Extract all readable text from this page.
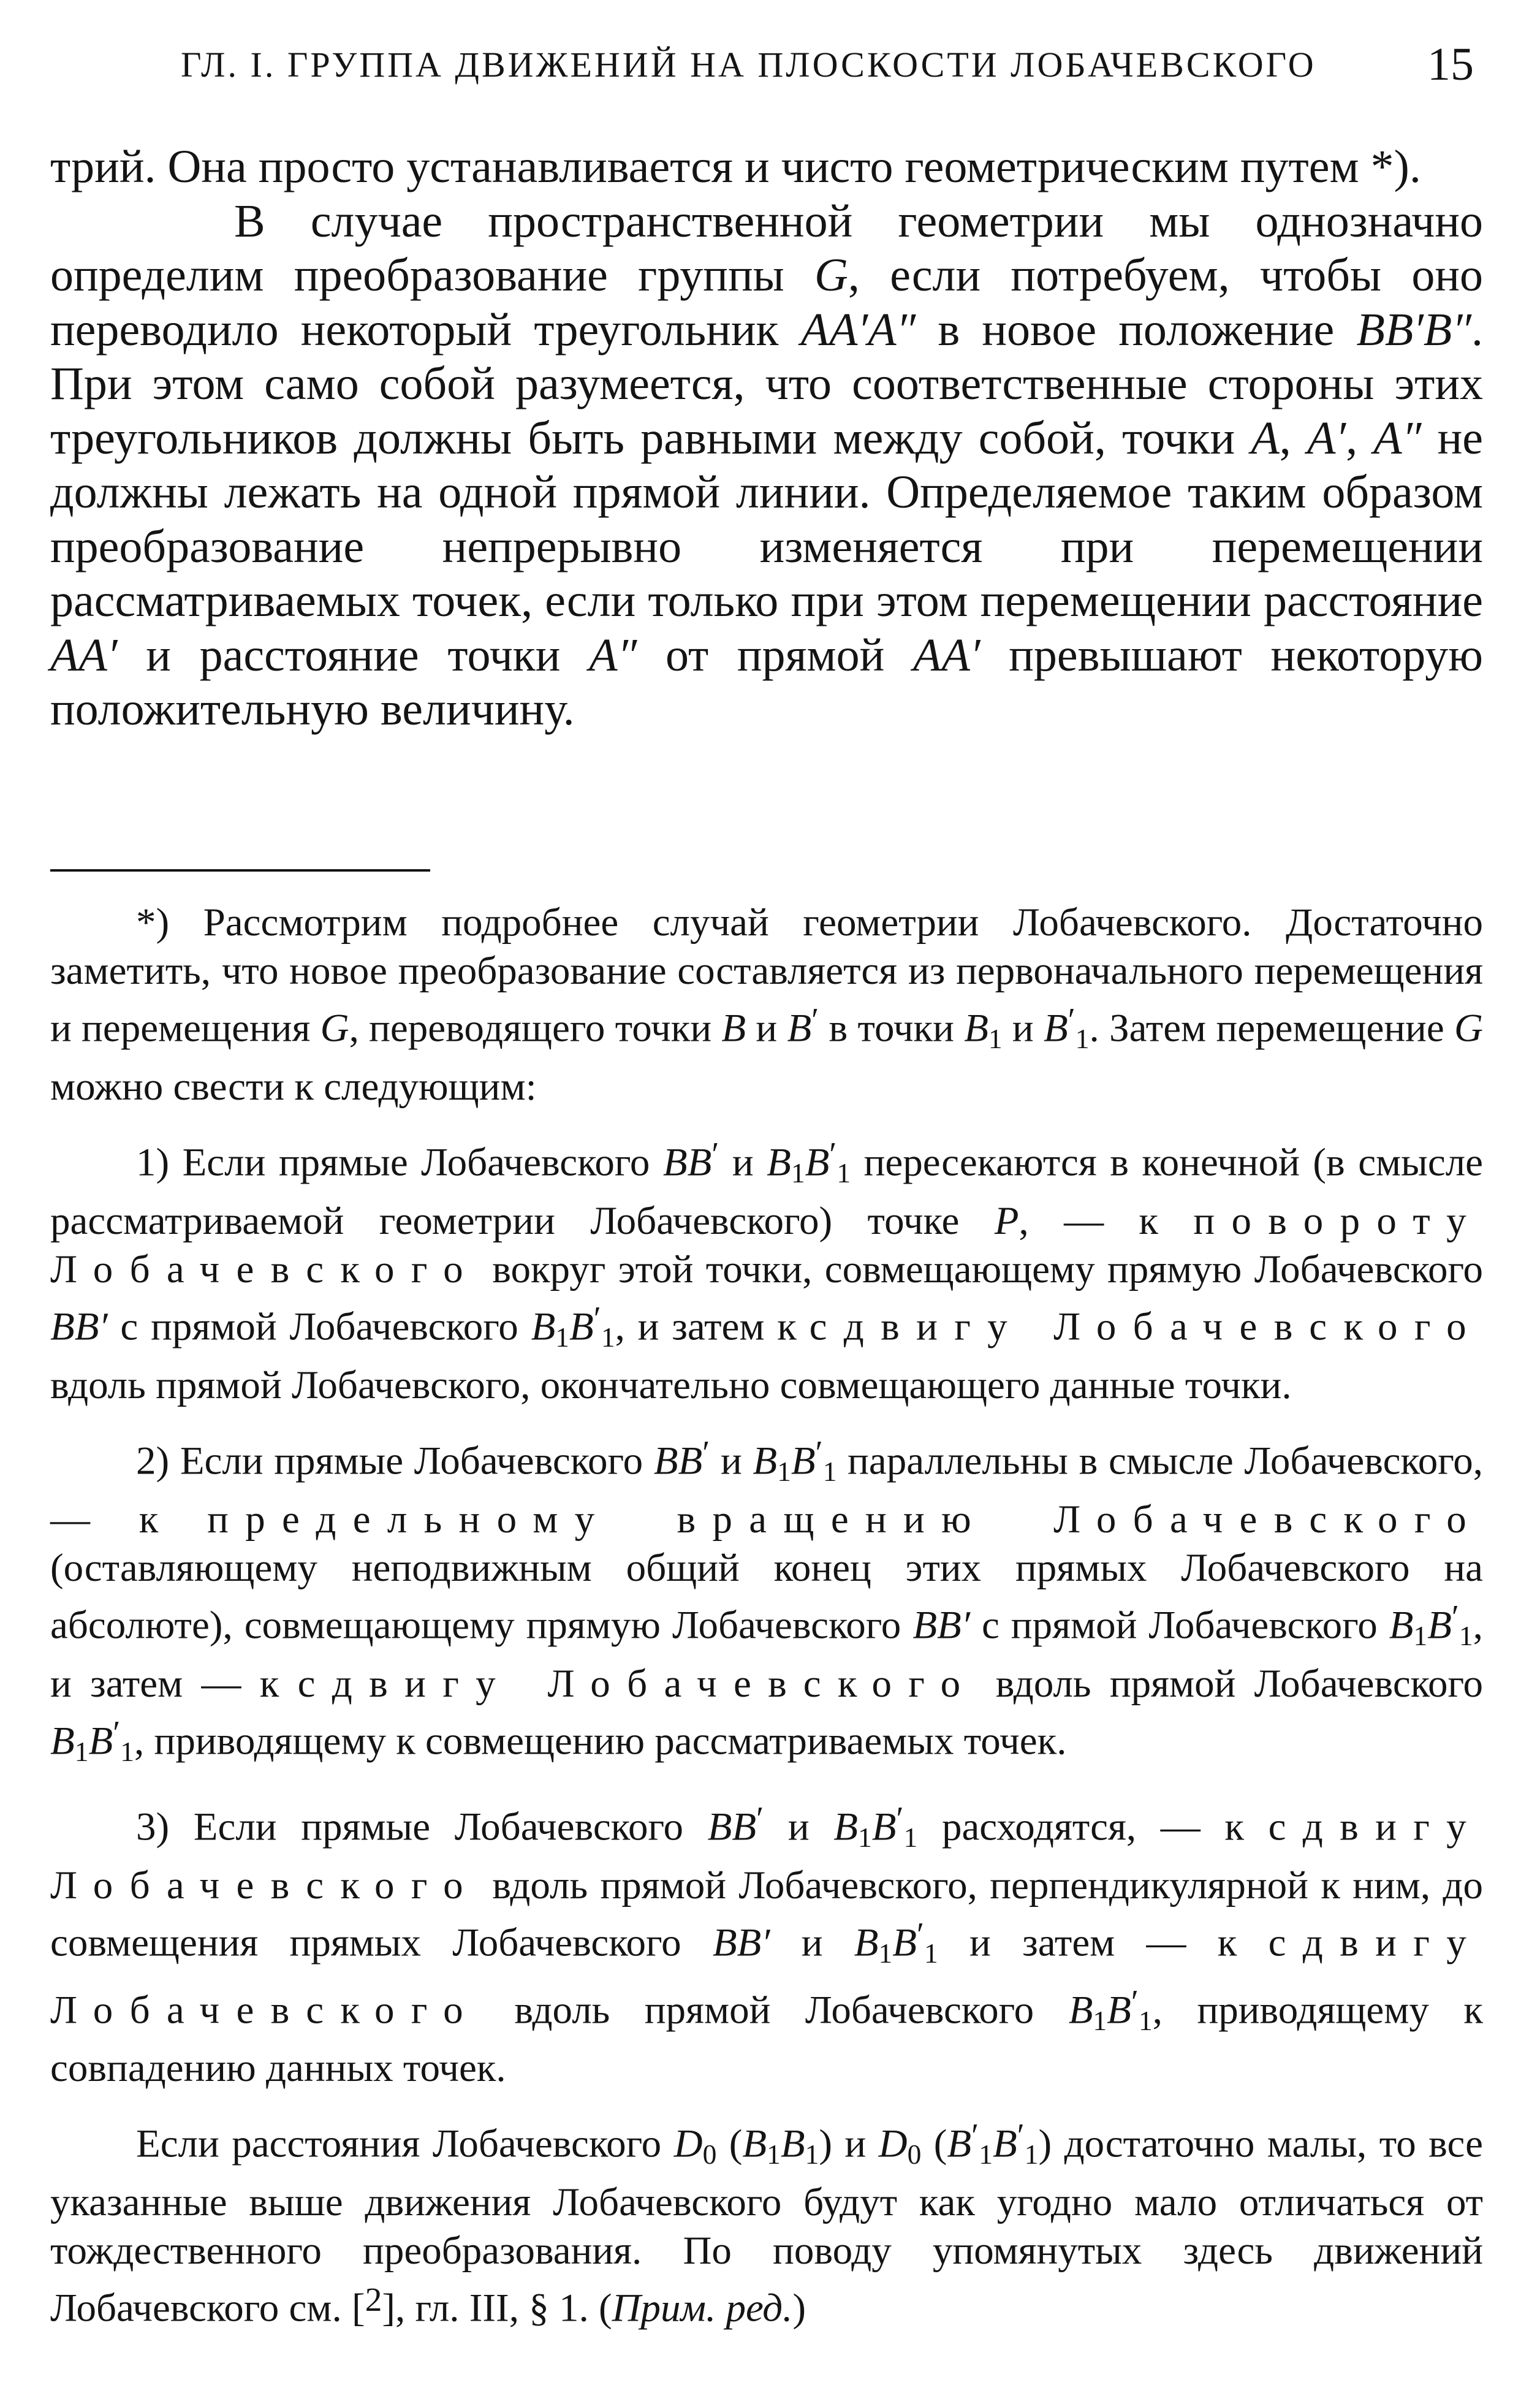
ГЛ. I. ГРУППА ДВИЖЕНИЙ НА ПЛОСКОСТИ ЛОБАЧЕВСКОГО 15

трий. Она просто устанавливается и чисто геометрическим путем *).

В случае пространственной геометрии мы однозначно определим преобразование группы G, если потребуем, чтобы оно переводило некоторый треугольник AA′A″ в новое положение BB′B″. При этом само собой разумеется, что соответственные стороны этих треугольников должны быть равными между собой, точки A, A′, A″ не должны лежать на одной прямой линии. Определяемое таким образом преобразование непрерывно изменяется при перемещении рассматриваемых точек, если только при этом перемещении расстояние AA′ и расстояние точки A″ от прямой AA′ превышают некоторую положительную величину.

*) Рассмотрим подробнее случай геометрии Лобачевского. Достаточно заметить, что новое преобразование составляется из первоначального перемещения и перемещения G, переводящего точки B и B′ в точки $B_1$ и $B'_1$. Затем перемещение G можно свести к следующим:

1) Если прямые Лобачевского BB′ и $B_1B'_1$ пересекаются в конечной (в смысле рассматриваемой геометрии Лобачевского) точке P, — к повороту Лобачевского вокруг этой точки, совмещающему прямую Лобачевского BB′ с прямой Лобачевского $B_1B'_1$, и затем к сдвигу Лобачевского вдоль прямой Лобачевского, окончательно совмещающего данные точки.

2) Если прямые Лобачевского BB′ и $B_1B'_1$ параллельны в смысле Лобачевского, — к предельному вращению Лобачевского (оставляющему неподвижным общий конец этих прямых Лобачевского на абсолюте), совмещающему прямую Лобачевского BB′ с прямой Лобачевского $B_1B'_1$, и затем — к сдвигу Лобачевского вдоль прямой Лобачевского $B_1B'_1$, приводящему к совмещению рассматриваемых точек.

3) Если прямые Лобачевского BB′ и $B_1B'_1$ расходятся, — к сдвигу Лобачевского вдоль прямой Лобачевского, перпендикулярной к ним, до совмещения прямых Лобачевского BB′ и $B_1B'_1$ и затем — к сдвигу Лобачевского вдоль прямой Лобачевского $B_1B'_1$, приводящему к совпадению данных точек.

Если расстояния Лобачевского $D_0$ $(B_1B_1)$ и $D_0$ $(B'_1B'_1)$ достаточно малы, то все указанные выше движения Лобачевского будут как угодно мало отличаться от тождественного преобразования. По поводу упомянутых здесь движений Лобачевского см. [$^2$], гл. III, § 1. (Прим. ред.)
